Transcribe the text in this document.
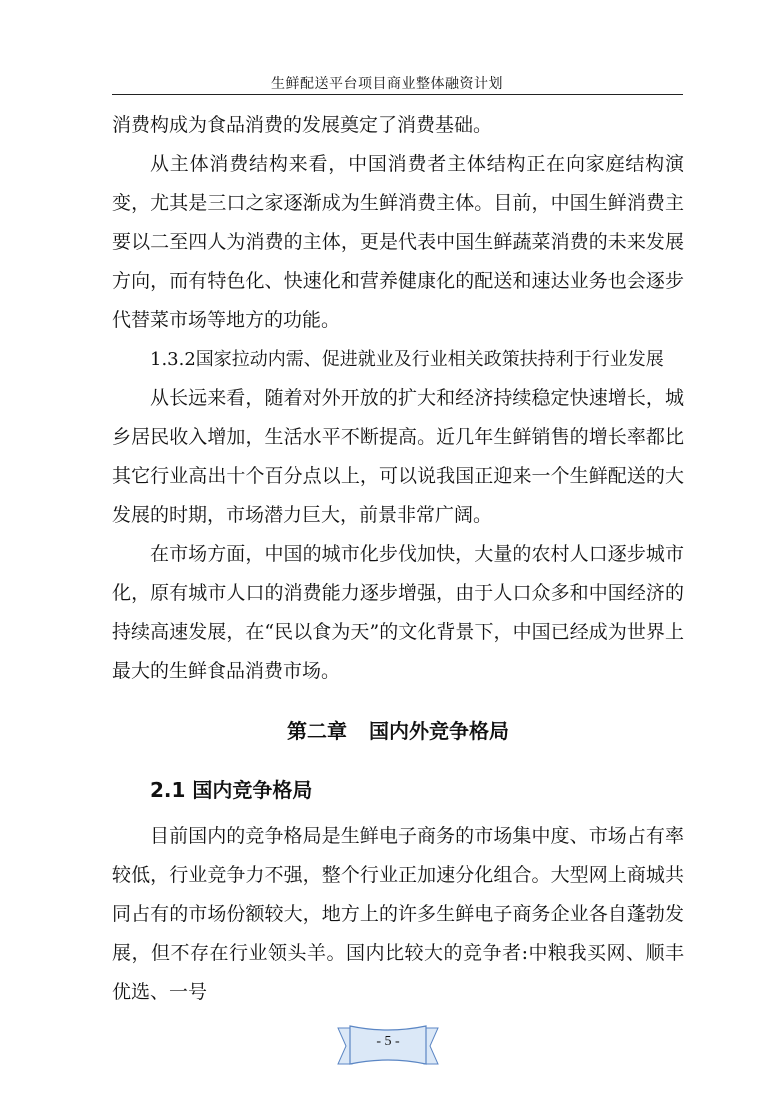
生鲜配送平台项目商业整体融资计划

消费构成为食品消费的发展奠定了消费基础。

从主体消费结构来看，中国消费者主体结构正在向家庭结构演变，尤其是三口之家逐渐成为生鲜消费主体。目前，中国生鲜消费主要以二至四人为消费的主体，更是代表中国生鲜蔬菜消费的未来发展方向，而有特色化、快速化和营养健康化的配送和速达业务也会逐步代替菜市场等地方的功能。

1.3.2国家拉动内需、促进就业及行业相关政策扶持利于行业发展

从长远来看，随着对外开放的扩大和经济持续稳定快速增长，城乡居民收入增加，生活水平不断提高。近几年生鲜销售的增长率都比其它行业高出十个百分点以上，可以说我国正迎来一个生鲜配送的大发展的时期，市场潜力巨大，前景非常广阔。

在市场方面，中国的城市化步伐加快，大量的农村人口逐步城市化，原有城市人口的消费能力逐步增强，由于人口众多和中国经济的持续高速发展，在“民以食为天”的文化背景下，中国已经成为世界上最大的生鲜食品消费市场。

第二章 国内外竞争格局
2.1 国内竞争格局

目前国内的竞争格局是生鲜电子商务的市场集中度、市场占有率较低，行业竞争力不强，整个行业正加速分化组合。大型网上商城共同占有的市场份额较大，地方上的许多生鲜电子商务企业各自蓬勃发展，但不存在行业领头羊。国内比较大的竞争者:中粮我买网、顺丰优选、一号

- 5 -
